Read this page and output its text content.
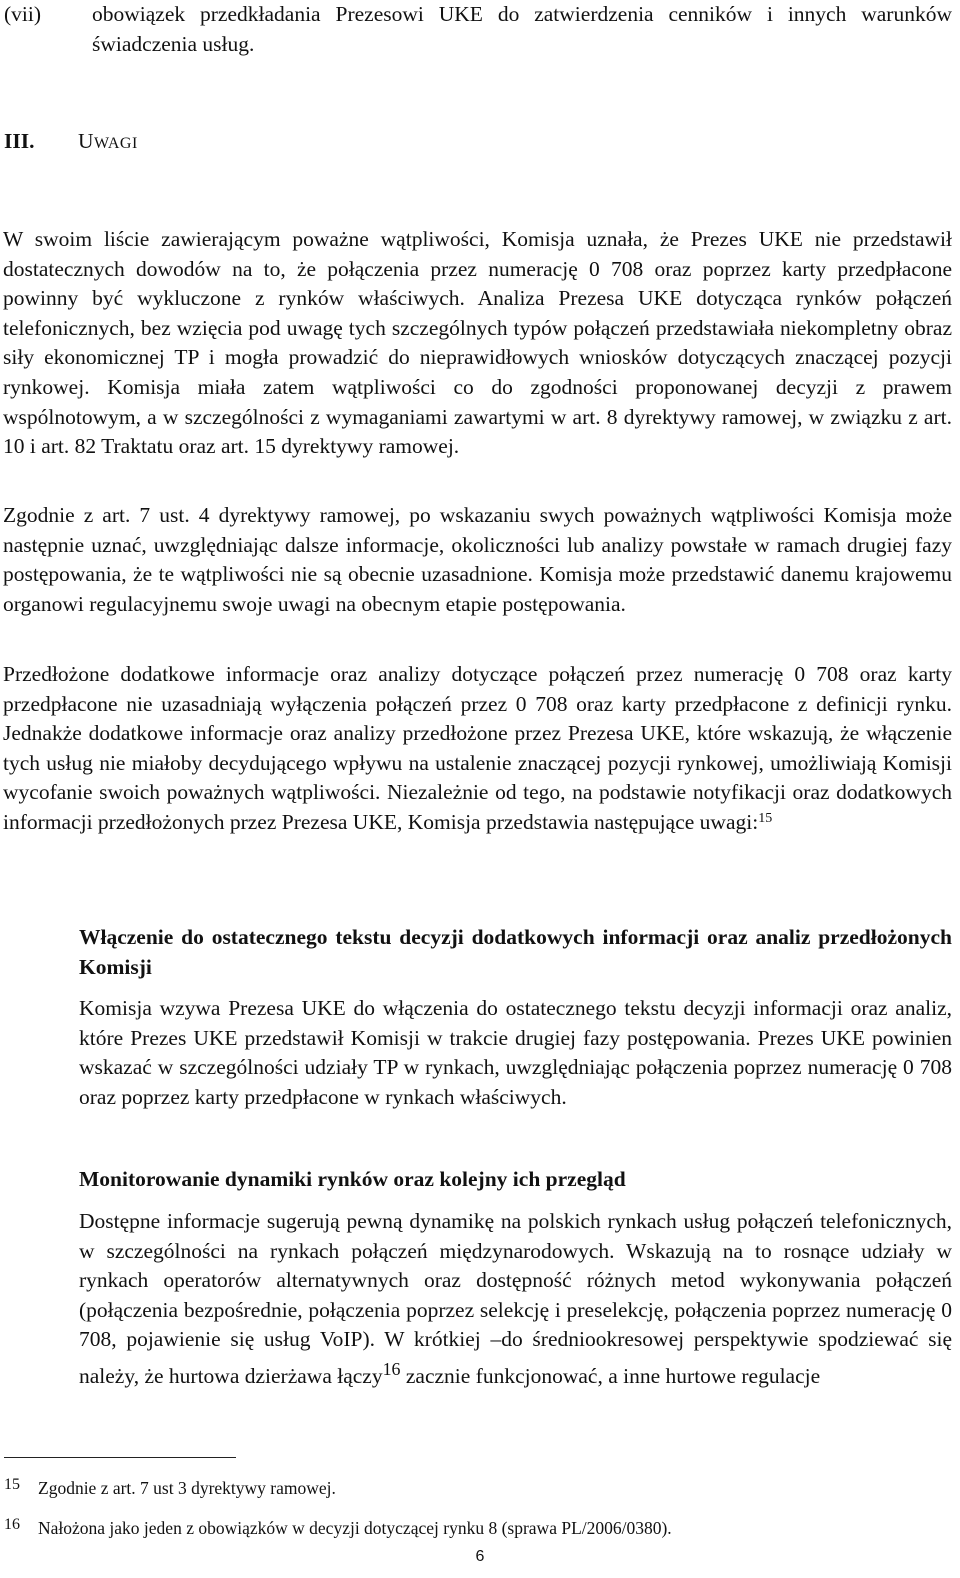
(vii) obowiązek przedkładania Prezesowi UKE do zatwierdzenia cenników i innych warunków świadczenia usług.

III. UWAGI

W swoim liście zawierającym poważne wątpliwości, Komisja uznała, że Prezes UKE nie przedstawił dostatecznych dowodów na to, że połączenia przez numerację 0 708 oraz poprzez karty przedpłacone powinny być wykluczone z rynków właściwych. Analiza Prezesa UKE dotycząca rynków połączeń telefonicznych, bez wzięcia pod uwagę tych szczególnych typów połączeń przedstawiała niekompletny obraz siły ekonomicznej TP i mogła prowadzić do nieprawidłowych wniosków dotyczących znaczącej pozycji rynkowej. Komisja miała zatem wątpliwości co do zgodności proponowanej decyzji z prawem wspólnotowym, a w szczególności z wymaganiami zawartymi w art. 8 dyrektywy ramowej, w związku z art. 10 i art. 82 Traktatu oraz art. 15 dyrektywy ramowej.

Zgodnie z art. 7 ust. 4 dyrektywy ramowej, po wskazaniu swych poważnych wątpliwości Komisja może następnie uznać, uwzględniając dalsze informacje, okoliczności lub analizy powstałe w ramach drugiej fazy postępowania, że te wątpliwości nie są obecnie uzasadnione. Komisja może przedstawić danemu krajowemu organowi regulacyjnemu swoje uwagi na obecnym etapie postępowania.

Przedłożone dodatkowe informacje oraz analizy dotyczące połączeń przez numerację 0 708 oraz karty przedpłacone nie uzasadniają wyłączenia połączeń przez 0 708 oraz karty przedpłacone z definicji rynku. Jednakże dodatkowe informacje oraz analizy przedłożone przez Prezesa UKE, które wskazują, że włączenie tych usług nie miałoby decydującego wpływu na ustalenie znaczącej pozycji rynkowej, umożliwiają Komisji wycofanie swoich poważnych wątpliwości. Niezależnie od tego, na podstawie notyfikacji oraz dodatkowych informacji przedłożonych przez Prezesa UKE, Komisja przedstawia następujące uwagi:$^{15}$

Włączenie do ostatecznego tekstu decyzji dodatkowych informacji oraz analiz przedłożonych Komisji

Komisja wzywa Prezesa UKE do włączenia do ostatecznego tekstu decyzji informacji oraz analiz, które Prezes UKE przedstawił Komisji w trakcie drugiej fazy postępowania. Prezes UKE powinien wskazać w szczególności udziały TP w rynkach, uwzględniając połączenia poprzez numerację 0 708 oraz poprzez karty przedpłacone w rynkach właściwych.

Monitorowanie dynamiki rynków oraz kolejny ich przegląd

Dostępne informacje sugerują pewną dynamikę na polskich rynkach usług połączeń telefonicznych, w szczególności na rynkach połączeń międzynarodowych. Wskazują na to rosnące udziały w rynkach operatorów alternatywnych oraz dostępność różnych metod wykonywania połączeń (połączenia bezpośrednie, połączenia poprzez selekcję i preselekcję, połączenia poprzez numerację 0 708, pojawienie się usług VoIP). W krótkiej –do średniookresowej perspektywie spodziewać się należy, że hurtowa dzierżawa łączy$^{16}$ zacznie funkcjonować, a inne hurtowe regulacje

15 Zgodnie z art. 7 ust 3 dyrektywy ramowej.
16 Nałożona jako jeden z obowiązków w decyzji dotyczącej rynku 8 (sprawa PL/2006/0380).
6
